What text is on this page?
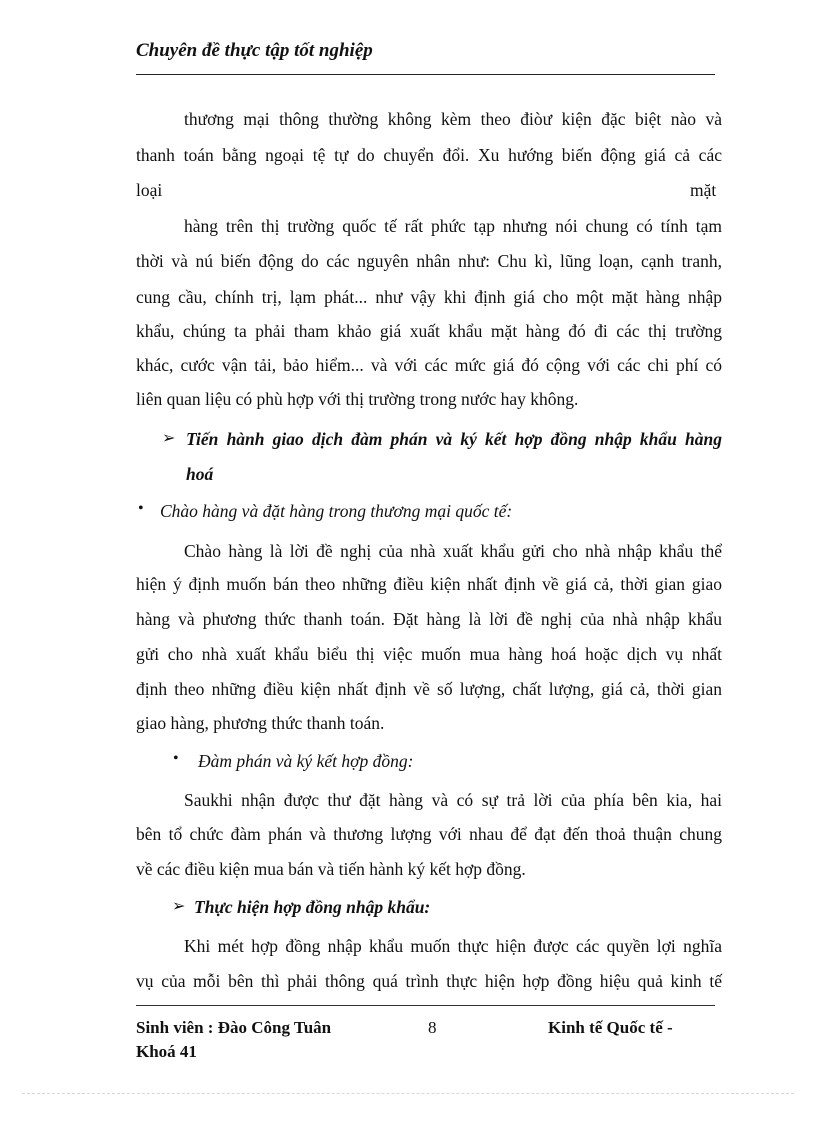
Chuyên đề thực tập tốt nghiệp
thương mại thông thường không kèm theo điòư kiện đặc biệt nào và
thanh toán bằng ngoại tệ tự do chuyển đổi. Xu hướng biến động giá cả các
loại	mặt
hàng trên thị trường quốc tế rất phức tạp nhưng nói chung có tính tạm
thời và nú biến động do các nguyên nhân như: Chu kì, lũng loạn, cạnh tranh,
cung cầu, chính trị, lạm phát... như vậy khi định giá cho một mặt hàng nhập
khẩu, chúng ta phải tham khảo giá xuất khẩu mặt hàng đó đi các thị trường
khác, cước vận tải, bảo hiểm... và với các mức giá đó cộng với các chi phí có
liên quan liệu có phù hợp với thị trường trong nước hay không.
➢ Tiến hành giao dịch đàm phán và ký kết hợp đồng nhập khẩu hàng
hoá
• Chào hàng và đặt hàng trong thương mại quốc tế:
Chào hàng là lời đề nghị của nhà xuất khẩu gửi cho nhà nhập khẩu thể
hiện ý định muốn bán theo những điều kiện nhất định về giá cả, thời gian giao
hàng và phương thức thanh toán. Đặt hàng là lời đề nghị của nhà nhập khẩu
gửi cho nhà xuất khẩu biểu thị việc muốn mua hàng hoá hoặc dịch vụ nhất
định theo những điều kiện nhất định về số lượng, chất lượng, giá cả, thời gian
giao hàng, phương thức thanh toán.
• Đàm phán và ký kết hợp đồng:
Saukhi nhận được thư đặt hàng và có sự trả lời của phía bên kia, hai
bên tổ chức đàm phán và thương lượng với nhau để đạt đến thoả thuận chung
về các điều kiện mua bán và tiến hành ký kết hợp đồng.
➢ Thực hiện hợp đồng nhập khẩu:
Khi mét hợp đồng nhập khẩu muốn thực hiện được các quyền lợi nghĩa
vụ của mỗi bên thì phải thông quá trình thực hiện hợp đồng hiệu quả kinh tế
Sinh viên : Đào Công Tuân	8	Kinh tế Quốc tế -
Khoá 41
